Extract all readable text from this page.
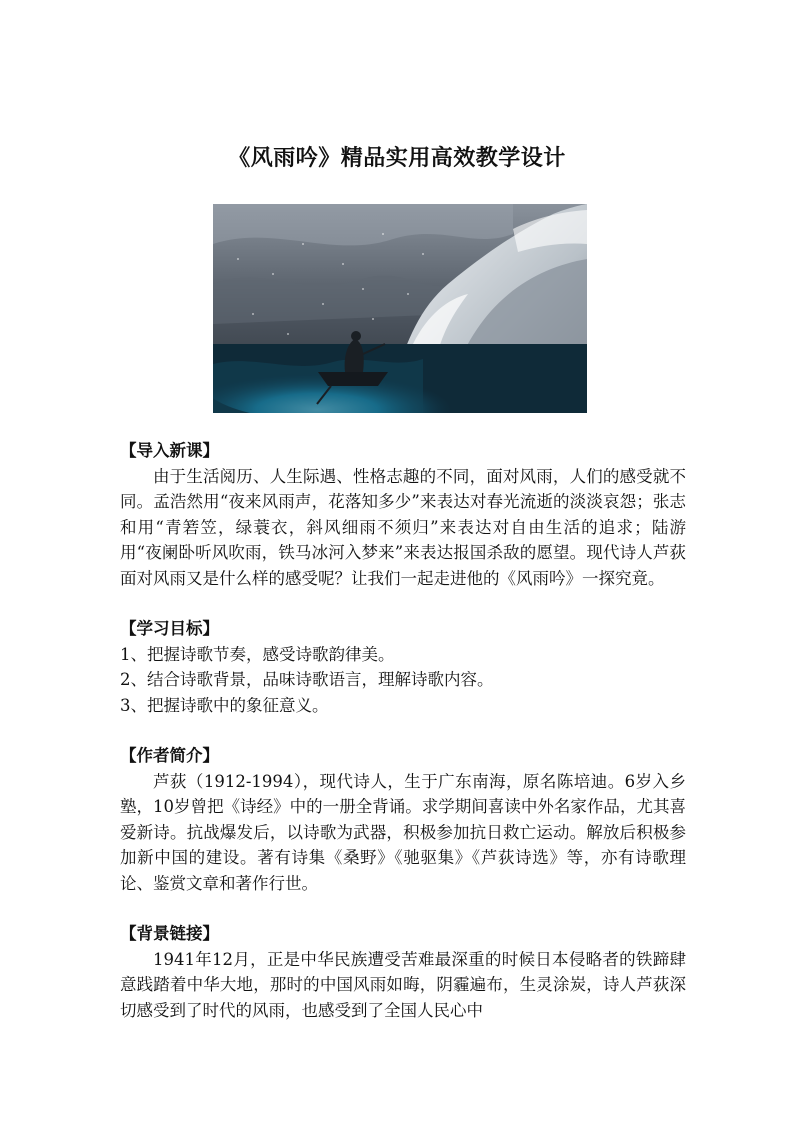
《风雨吟》精品实用高效教学设计

【导入新课】

由于生活阅历、人生际遇、性格志趣的不同，面对风雨，人们的感受就不同。孟浩然用“夜来风雨声，花落知多少”来表达对春光流逝的淡淡哀怨；张志和用“青箬笠，绿蓑衣，斜风细雨不须归”来表达对自由生活的追求；陆游用“夜阑卧听风吹雨，铁马冰河入梦来”来表达报国杀敌的愿望。现代诗人芦荻面对风雨又是什么样的感受呢？让我们一起走进他的《风雨吟》一探究竟。

【学习目标】

1、把握诗歌节奏，感受诗歌韵律美。

2、结合诗歌背景，品味诗歌语言，理解诗歌内容。

3、把握诗歌中的象征意义。

【作者简介】

芦荻（1912-1994），现代诗人，生于广东南海，原名陈培迪。6岁入乡塾，10岁曾把《诗经》中的一册全背诵。求学期间喜读中外名家作品，尤其喜爱新诗。抗战爆发后，以诗歌为武器，积极参加抗日救亡运动。解放后积极参加新中国的建设。著有诗集《桑野》《驰驱集》《芦荻诗选》等，亦有诗歌理论、鉴赏文章和著作行世。

【背景链接】

1941年12月，正是中华民族遭受苦难最深重的时候日本侵略者的铁蹄肆意践踏着中华大地，那时的中国风雨如晦，阴霾遍布，生灵涂炭，诗人芦荻深切感受到了时代的风雨，也感受到了全国人民心中
